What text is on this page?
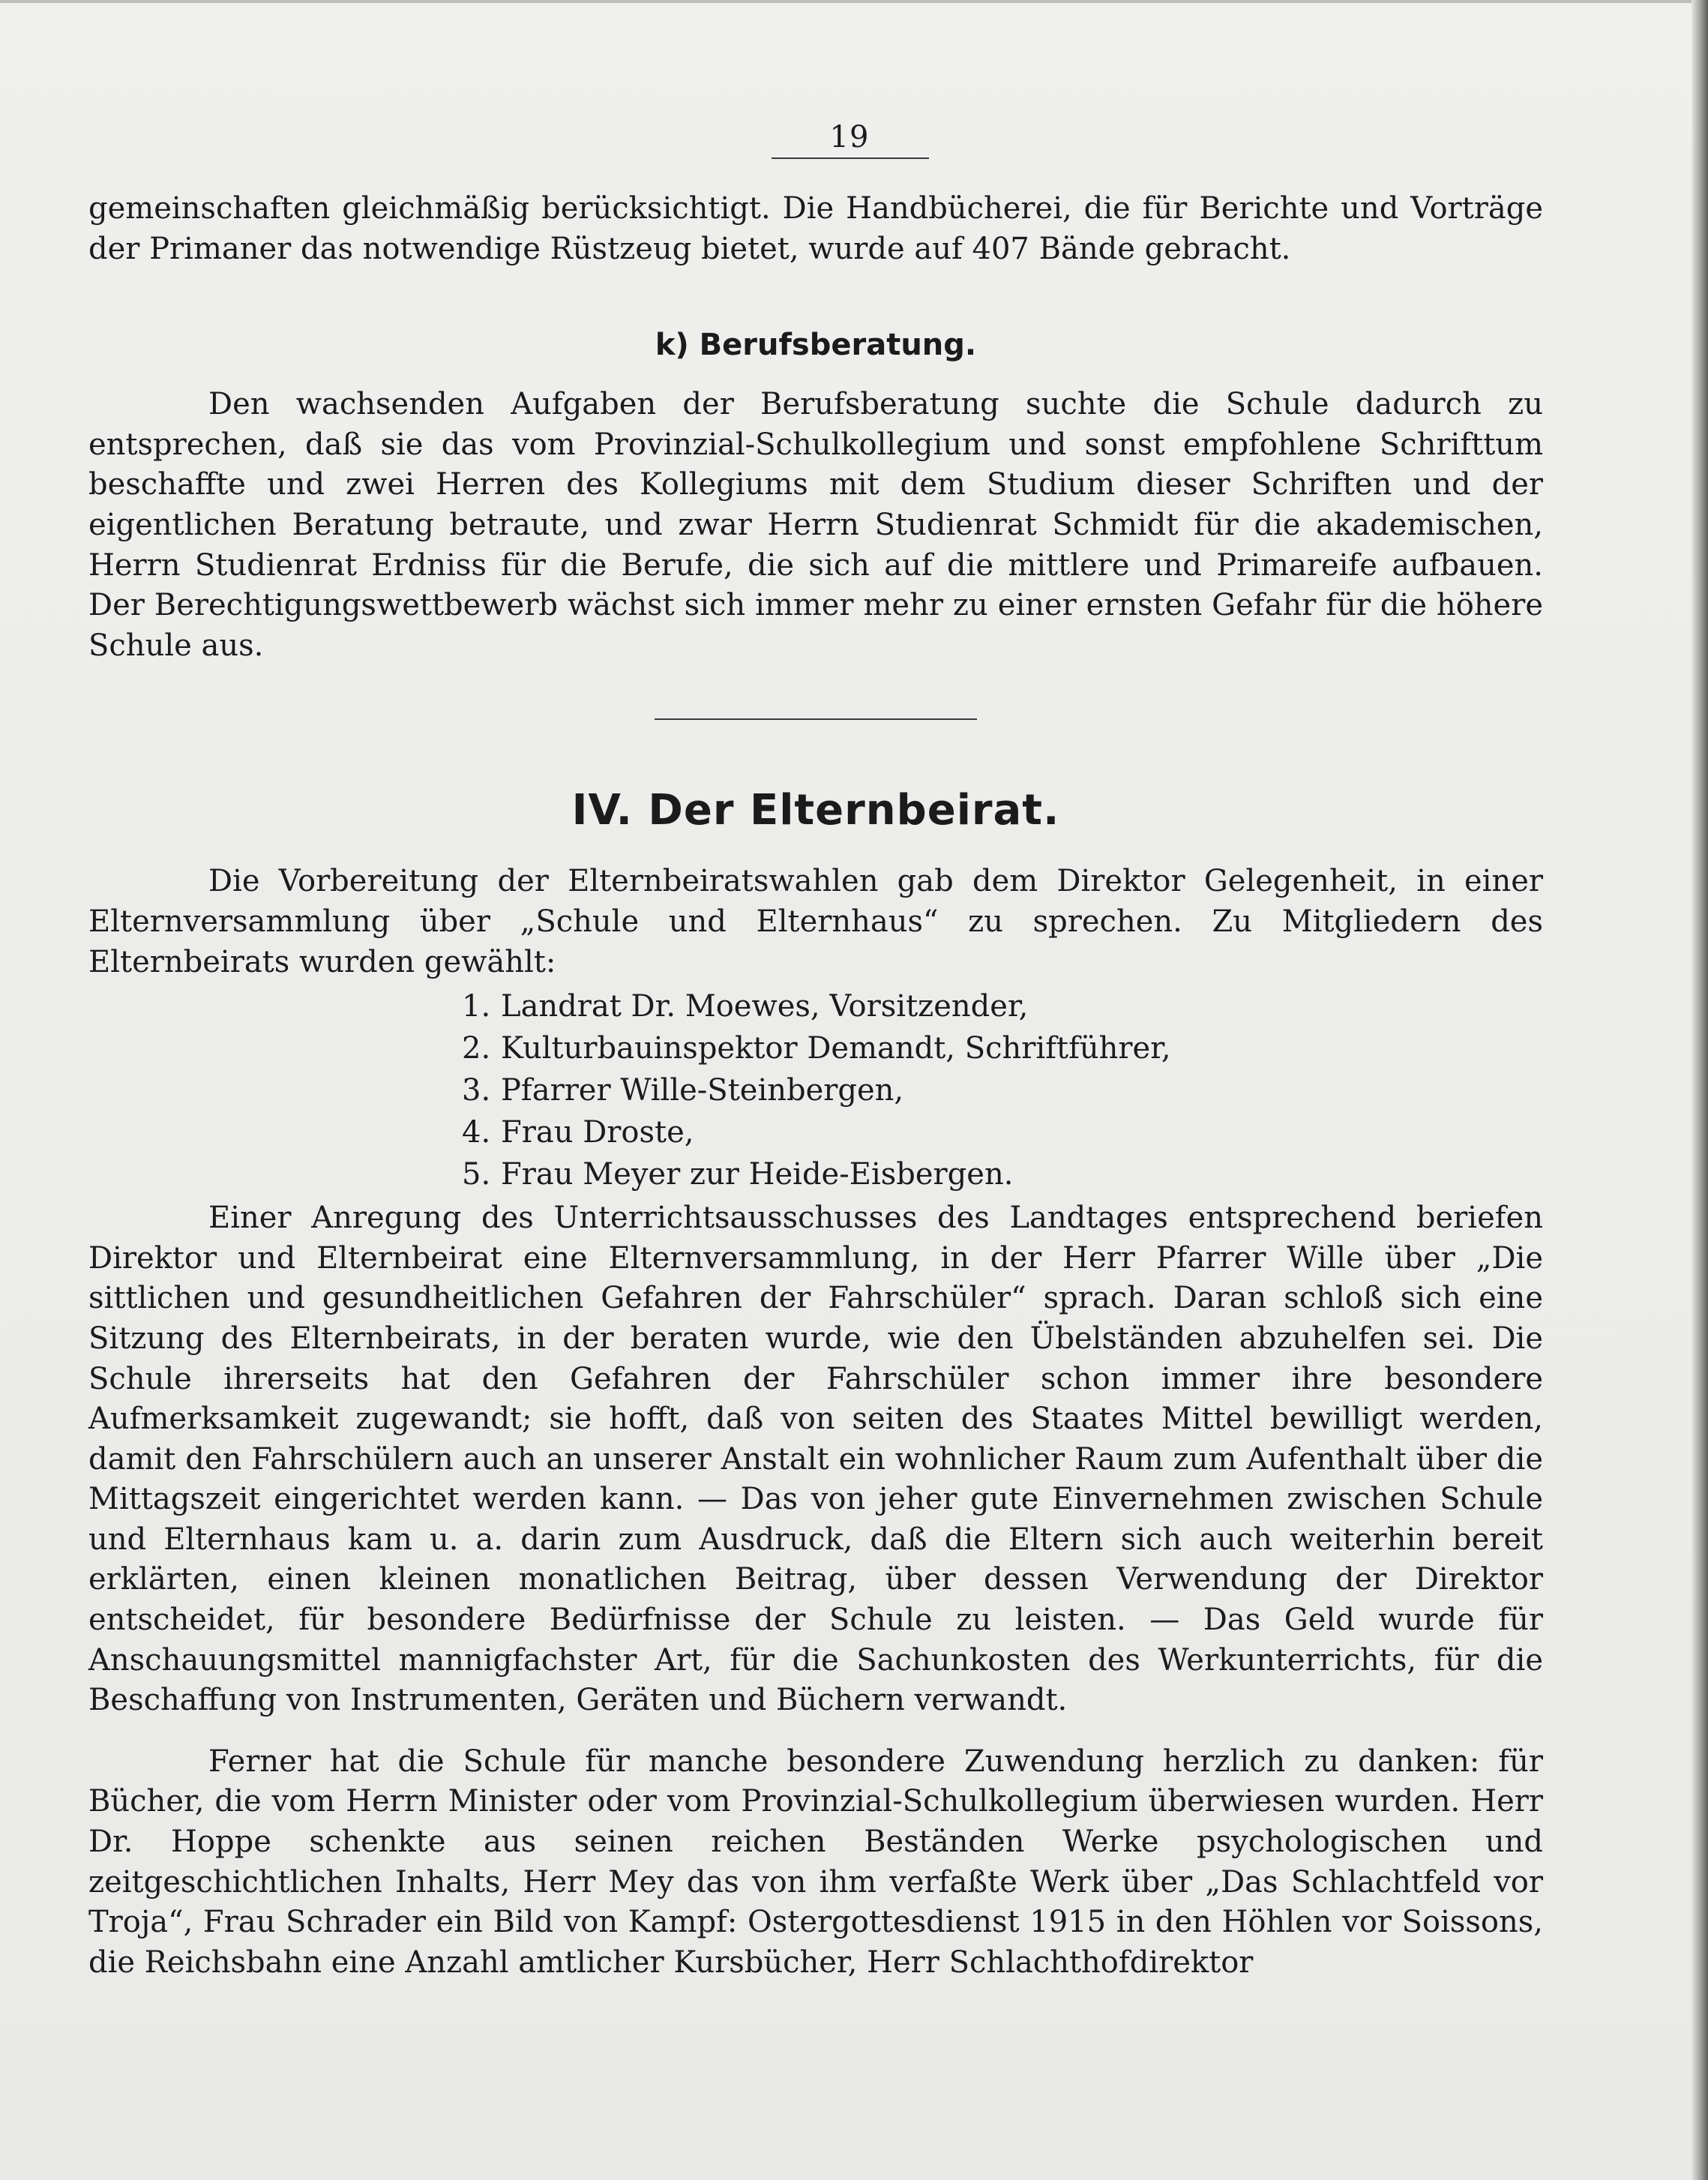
19

gemeinschaften gleichmäßig berücksichtigt. Die Handbücherei, die für Berichte und Vorträge der Primaner das notwendige Rüstzeug bietet, wurde auf 407 Bände gebracht.

k) Berufsberatung.

Den wachsenden Aufgaben der Berufsberatung suchte die Schule dadurch zu entsprechen, daß sie das vom Provinzial-Schulkollegium und sonst empfohlene Schrifttum beschaffte und zwei Herren des Kollegiums mit dem Studium dieser Schriften und der eigentlichen Beratung betraute, und zwar Herrn Studienrat Schmidt für die akademischen, Herrn Studienrat Erdniss für die Berufe, die sich auf die mittlere und Primareife aufbauen. Der Berechtigungswettbewerb wächst sich immer mehr zu einer ernsten Gefahr für die höhere Schule aus.

IV. Der Elternbeirat.

Die Vorbereitung der Elternbeiratswahlen gab dem Direktor Gelegenheit, in einer Elternversammlung über „Schule und Elternhaus“ zu sprechen. Zu Mitgliedern des Elternbeirats wurden gewählt:

1. Landrat Dr. Moewes, Vorsitzender,
2. Kulturbauinspektor Demandt, Schriftführer,
3. Pfarrer Wille-Steinbergen,
4. Frau Droste,
5. Frau Meyer zur Heide-Eisbergen.

Einer Anregung des Unterrichtsausschusses des Landtages entsprechend beriefen Direktor und Elternbeirat eine Elternversammlung, in der Herr Pfarrer Wille über „Die sittlichen und gesundheitlichen Gefahren der Fahrschüler“ sprach. Daran schloß sich eine Sitzung des Elternbeirats, in der beraten wurde, wie den Übelständen abzuhelfen sei. Die Schule ihrerseits hat den Gefahren der Fahrschüler schon immer ihre besondere Aufmerksamkeit zugewandt; sie hofft, daß von seiten des Staates Mittel bewilligt werden, damit den Fahrschülern auch an unserer Anstalt ein wohnlicher Raum zum Aufenthalt über die Mittagszeit eingerichtet werden kann. — Das von jeher gute Einvernehmen zwischen Schule und Elternhaus kam u. a. darin zum Ausdruck, daß die Eltern sich auch weiterhin bereit erklärten, einen kleinen monatlichen Beitrag, über dessen Verwendung der Direktor entscheidet, für besondere Bedürfnisse der Schule zu leisten. — Das Geld wurde für Anschauungsmittel mannigfachster Art, für die Sachunkosten des Werkunterrichts, für die Beschaffung von Instrumenten, Geräten und Büchern verwandt.

Ferner hat die Schule für manche besondere Zuwendung herzlich zu danken: für Bücher, die vom Herrn Minister oder vom Provinzial-Schulkollegium überwiesen wurden. Herr Dr. Hoppe schenkte aus seinen reichen Beständen Werke psychologischen und zeitgeschichtlichen Inhalts, Herr Mey das von ihm verfaßte Werk über „Das Schlachtfeld vor Troja“, Frau Schrader ein Bild von Kampf: Ostergottesdienst 1915 in den Höhlen vor Soissons, die Reichsbahn eine Anzahl amtlicher Kursbücher, Herr Schlachthofdirektor
